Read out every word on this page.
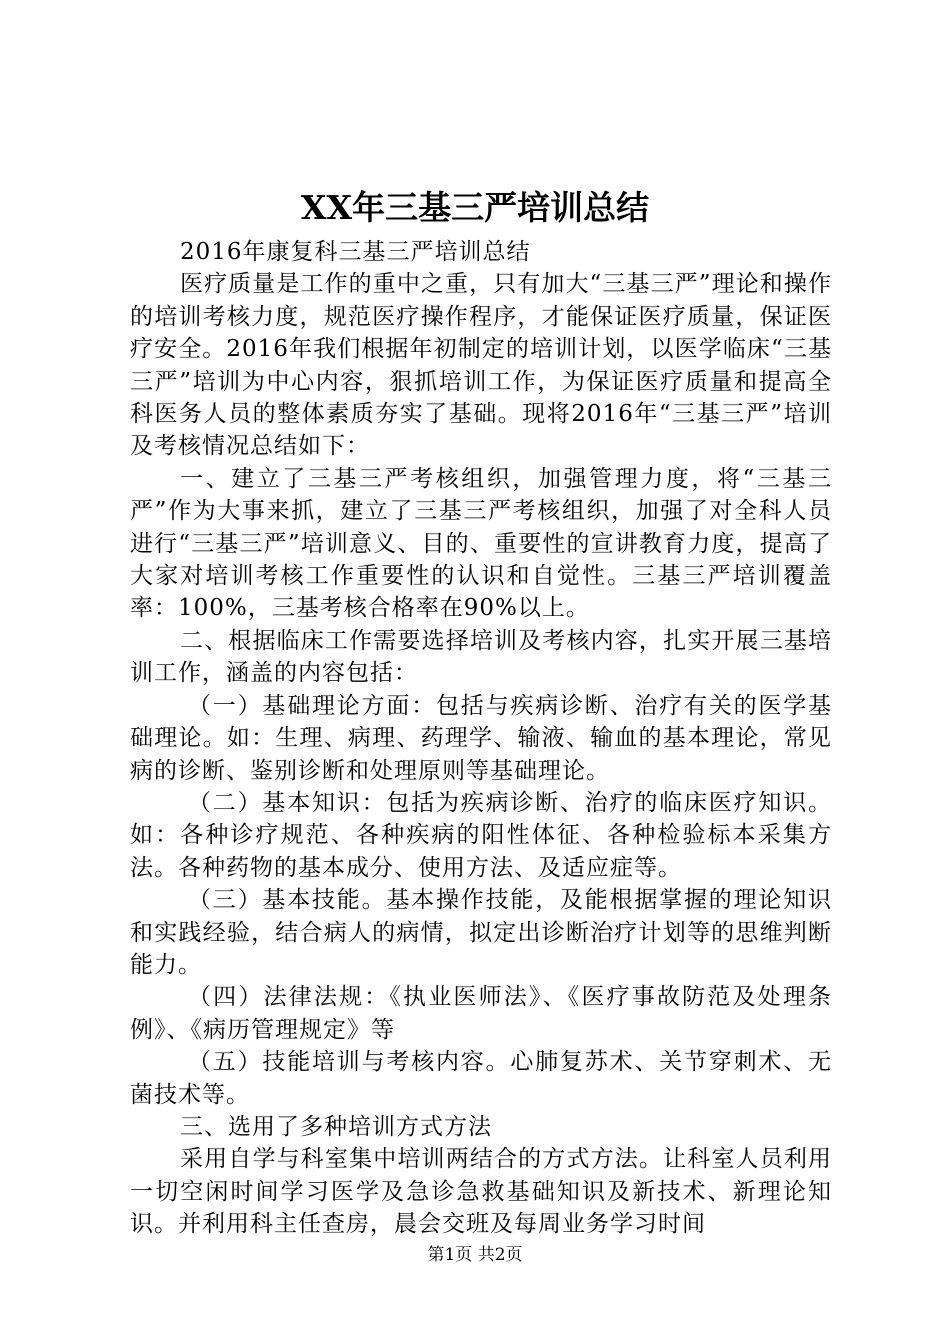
XX年三基三严培训总结

2016年康复科三基三严培训总结

医疗质量是工作的重中之重，只有加大“三基三严”理论和操作的培训考核力度，规范医疗操作程序，才能保证医疗质量，保证医疗安全。2016年我们根据年初制定的培训计划，以医学临床“三基三严”培训为中心内容，狠抓培训工作，为保证医疗质量和提高全科医务人员的整体素质夯实了基础。现将2016年“三基三严”培训及考核情况总结如下：

一、建立了三基三严考核组织，加强管理力度，将“三基三严”作为大事来抓，建立了三基三严考核组织，加强了对全科人员进行“三基三严”培训意义、目的、重要性的宣讲教育力度，提高了大家对培训考核工作重要性的认识和自觉性。三基三严培训覆盖率：100%，三基考核合格率在90%以上。

二、根据临床工作需要选择培训及考核内容，扎实开展三基培训工作，涵盖的内容包括：

（一）基础理论方面：包括与疾病诊断、治疗有关的医学基础理论。如：生理、病理、药理学、输液、输血的基本理论，常见病的诊断、鉴别诊断和处理原则等基础理论。

（二）基本知识：包括为疾病诊断、治疗的临床医疗知识。如：各种诊疗规范、各种疾病的阳性体征、各种检验标本采集方法。各种药物的基本成分、使用方法、及适应症等。

（三）基本技能。基本操作技能，及能根据掌握的理论知识和实践经验，结合病人的病情，拟定出诊断治疗计划等的思维判断能力。

（四）法律法规：《执业医师法》、《医疗事故防范及处理条例》、《病历管理规定》等

（五）技能培训与考核内容。心肺复苏术、关节穿刺术、无菌技术等。

三、选用了多种培训方式方法

采用自学与科室集中培训两结合的方式方法。让科室人员利用一切空闲时间学习医学及急诊急救基础知识及新技术、新理论知识。并利用科主任查房，晨会交班及每周业务学习时间

第1页 共2页
